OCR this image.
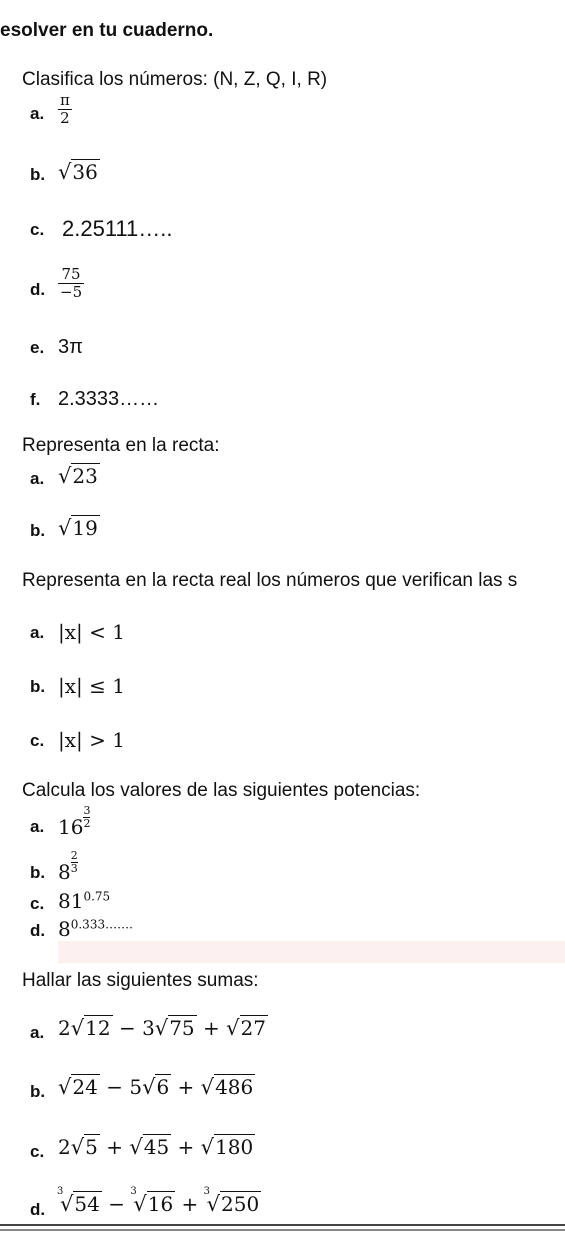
esolver en tu cuaderno.
Clasifica los números: (N, Z, Q, I, R)
a. $\frac{\pi}{2}$
b. √36
c. 2.25111…..
d. $\frac{75}{-5}$
e. 3π
f. 2.3333……
Representa en la recta:
a. √23
b. √19
Representa en la recta real los números que verifican las s
a. |x| < 1
b. |x| ≤ 1
c. |x| > 1
Calcula los valores de las siguientes potencias:
a. $16\frac{3}{2}$
b. $8\frac{2}{3}$
c. $81^{0.75}$
d. $8^{0.333\dots\dots.}$
Hallar las siguientes sumas:
a. 2√12 − 3√75 + √27
b. √24 − 5√6 + √486
c. 2√5 + √45 + √180
d.
3
√54 −
3
√16 +
3
√250
